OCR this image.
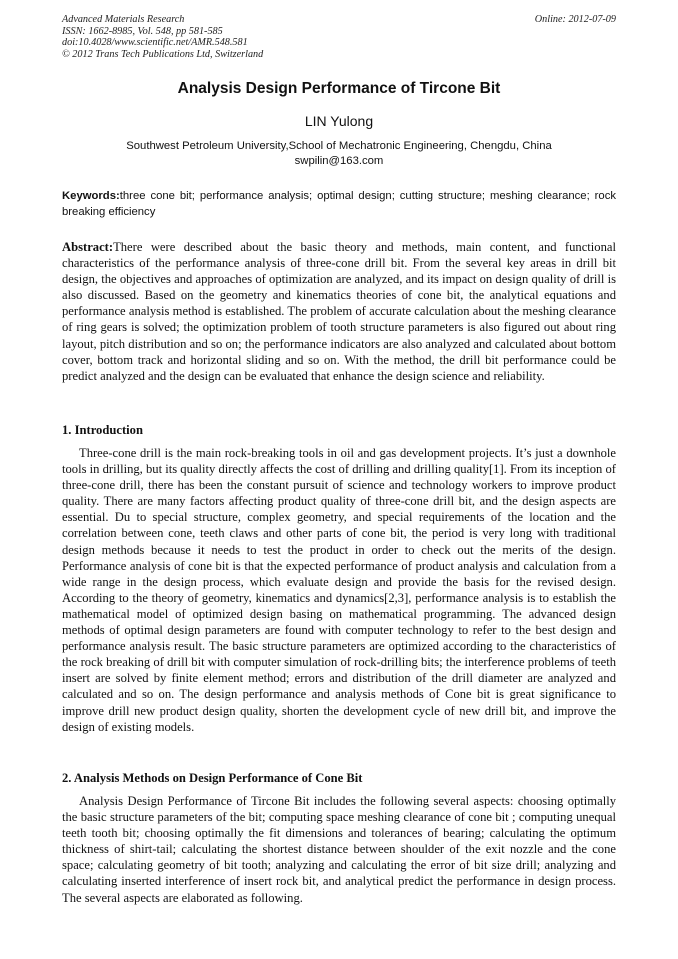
Advanced Materials Research
ISSN: 1662-8985, Vol. 548, pp 581-585
doi:10.4028/www.scientific.net/AMR.548.581
© 2012 Trans Tech Publications Ltd, Switzerland
Online: 2012-07-09
Analysis Design Performance of Tircone Bit
LIN Yulong
Southwest Petroleum University,School of Mechatronic Engineering, Chengdu, China
swpilin@163.com
Keywords:three cone bit; performance analysis; optimal design; cutting structure; meshing clearance; rock breaking efficiency

Abstract:There were described about the basic theory and methods, main content, and functional characteristics of the performance analysis of three-cone drill bit. From the several key areas in drill bit design, the objectives and approaches of optimization are analyzed, and its impact on design quality of drill is also discussed. Based on the geometry and kinematics theories of cone bit, the analytical equations and performance analysis method is established. The problem of accurate calculation about the meshing clearance of ring gears is solved; the optimization problem of tooth structure parameters is also figured out about ring layout, pitch distribution and so on; the performance indicators are also analyzed and calculated about bottom cover, bottom track and horizontal sliding and so on. With the method, the drill bit performance could be predict analyzed and the design can be evaluated that enhance the design science and reliability.

1. Introduction

Three-cone drill is the main rock-breaking tools in oil and gas development projects. It’s just a downhole tools in drilling, but its quality directly affects the cost of drilling and drilling quality[1]. From its inception of three-cone drill, there has been the constant pursuit of science and technology workers to improve product quality. There are many factors affecting product quality of three-cone drill bit, and the design aspects are essential. Du to special structure, complex geometry, and special requirements of the location and the correlation between cone, teeth claws and other parts of cone bit, the period is very long with traditional design methods because it needs to test the product in order to check out the merits of the design. Performance analysis of cone bit is that the expected performance of product analysis and calculation from a wide range in the design process, which evaluate design and provide the basis for the revised design. According to the theory of geometry, kinematics and dynamics[2,3], performance analysis is to establish the mathematical model of optimized design basing on mathematical programming. The advanced design methods of optimal design parameters are found with computer technology to refer to the best design and performance analysis result. The basic structure parameters are optimized according to the characteristics of the rock breaking of drill bit with computer simulation of rock-drilling bits; the interference problems of teeth insert are solved by finite element method; errors and distribution of the drill diameter are analyzed and calculated and so on. The design performance and analysis methods of Cone bit is great significance to improve drill new product design quality, shorten the development cycle of new drill bit, and improve the design of existing models.

2. Analysis Methods on Design Performance of Cone Bit

Analysis Design Performance of Tircone Bit includes the following several aspects: choosing optimally the basic structure parameters of the bit; computing space meshing clearance of cone bit ; computing unequal teeth tooth bit; choosing optimally the fit dimensions and tolerances of bearing; calculating the optimum thickness of shirt-tail; calculating the shortest distance between shoulder of the exit nozzle and the cone space; calculating geometry of bit tooth; analyzing and calculating the error of bit size drill; analyzing and calculating inserted interference of insert rock bit, and analytical predict the performance in design process. The several aspects are elaborated as following.
